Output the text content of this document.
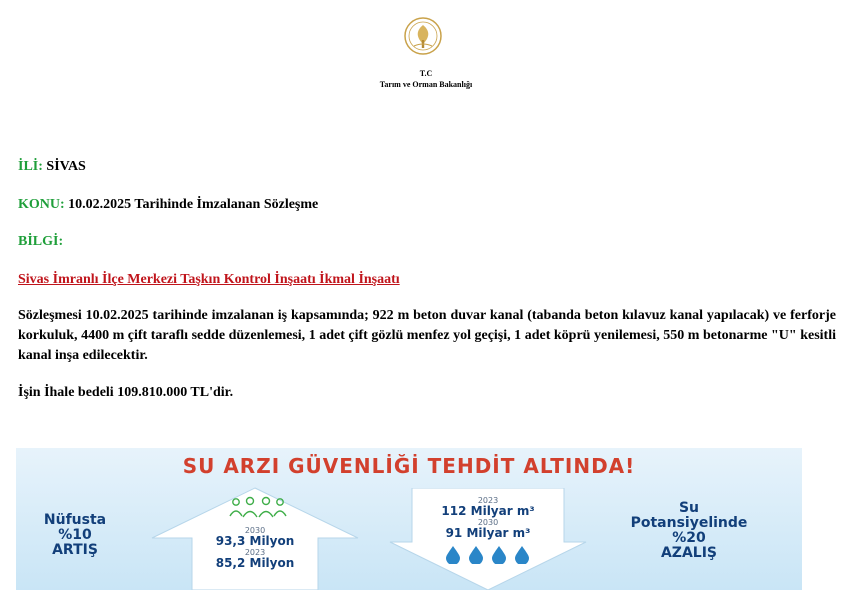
T.C
Tarım ve Orman Bakanlığı
İLİ: SİVAS
KONU: 10.02.2025 Tarihinde İmzalanan Sözleşme
BİLGİ:
Sivas İmranlı İlçe Merkezi Taşkın Kontrol İnşaatı İkmal İnşaatı
Sözleşmesi 10.02.2025 tarihinde imzalanan iş kapsamında; 922 m beton duvar kanal (tabanda beton kılavuz kanal yapılacak) ve ferforje korkuluk, 4400 m çift taraflı sedde düzenlemesi, 1 adet çift gözlü menfez yol geçişi, 1 adet köprü yenilemesi, 550 m betonarme "U" kesitli kanal inşa edilecektir.
İşin İhale bedeli 109.810.000 TL'dir.
SU ARZI GÜVENLİĞİ TEHDİT ALTINDA!
Nüfusta
%10
ARTIŞ
2030
93,3 Milyon
2023
85,2 Milyon
2023
112 Milyar m³
2030
91 Milyar m³
Su
Potansiyelinde
%20
AZALIŞ
